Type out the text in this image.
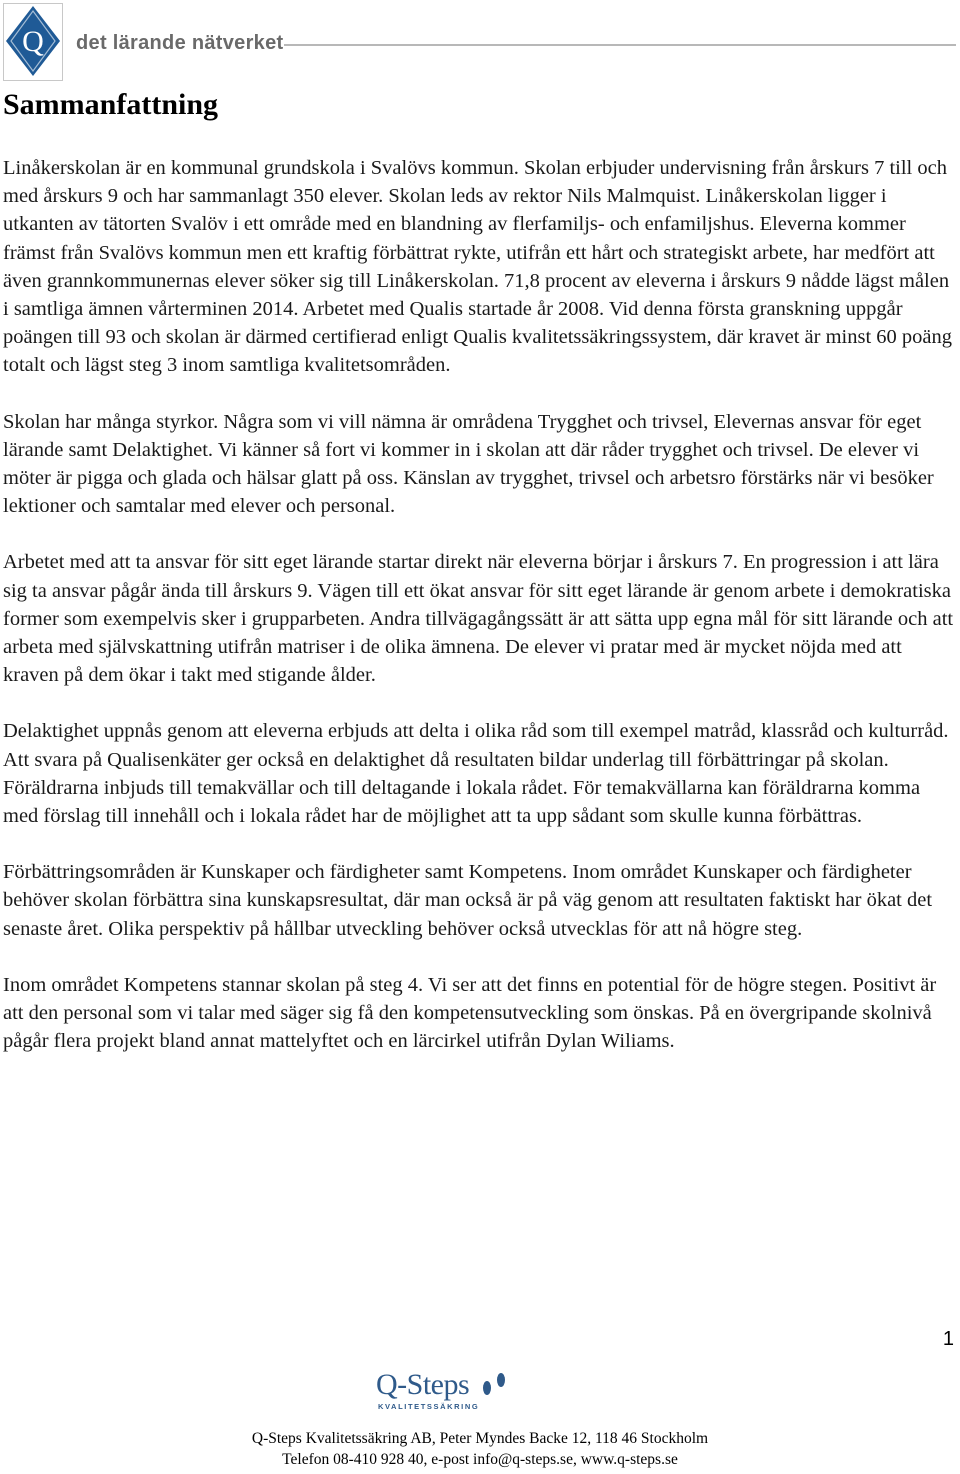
Q det lärande nätverket
Sammanfattning

Linåkerskolan är en kommunal grundskola i Svalövs kommun. Skolan erbjuder undervisning från årskurs 7 till och med årskurs 9 och har sammanlagt 350 elever. Skolan leds av rektor Nils Malmquist. Linåkerskolan ligger i utkanten av tätorten Svalöv i ett område med en blandning av flerfamiljs- och enfamiljshus. Eleverna kommer främst från Svalövs kommun men ett kraftig förbättrat rykte, utifrån ett hårt och strategiskt arbete, har medfört att även grannkommunernas elever söker sig till Linåkerskolan. 71,8 procent av eleverna i årskurs 9 nådde lägst målen i samtliga ämnen vårterminen 2014. Arbetet med Qualis startade år 2008. Vid denna första granskning uppgår poängen till 93 och skolan är därmed certifierad enligt Qualis kvalitetssäkringssystem, där kravet är minst 60 poäng totalt och lägst steg 3 inom samtliga kvalitetsområden.

Skolan har många styrkor. Några som vi vill nämna är områdena Trygghet och trivsel, Elevernas ansvar för eget lärande samt Delaktighet. Vi känner så fort vi kommer in i skolan att där råder trygghet och trivsel. De elever vi möter är pigga och glada och hälsar glatt på oss. Känslan av trygghet, trivsel och arbetsro förstärks när vi besöker lektioner och samtalar med elever och personal.

Arbetet med att ta ansvar för sitt eget lärande startar direkt när eleverna börjar i årskurs 7. En progression i att lära sig ta ansvar pågår ända till årskurs 9. Vägen till ett ökat ansvar för sitt eget lärande är genom arbete i demokratiska former som exempelvis sker i grupparbeten. Andra tillvägagångssätt är att sätta upp egna mål för sitt lärande och att arbeta med självskattning utifrån matriser i de olika ämnena. De elever vi pratar med är mycket nöjda med att kraven på dem ökar i takt med stigande ålder.

Delaktighet uppnås genom att eleverna erbjuds att delta i olika råd som till exempel matråd, klassråd och kulturråd. Att svara på Qualisenkäter ger också en delaktighet då resultaten bildar underlag till förbättringar på skolan. Föräldrarna inbjuds till temakvällar och till deltagande i lokala rådet. För temakvällarna kan föräldrarna komma med förslag till innehåll och i lokala rådet har de möjlighet att ta upp sådant som skulle kunna förbättras.

Förbättringsområden är Kunskaper och färdigheter samt Kompetens. Inom området Kunskaper och färdigheter behöver skolan förbättra sina kunskapsresultat, där man också är på väg genom att resultaten faktiskt har ökat det senaste året. Olika perspektiv på hållbar utveckling behöver också utvecklas för att nå högre steg.

Inom området Kompetens stannar skolan på steg 4. Vi ser att det finns en potential för de högre stegen. Positivt är att den personal som vi talar med säger sig få den kompetensutveckling som önskas. På en övergripande skolnivå pågår flera projekt bland annat mattelyftet och en lärcirkel utifrån Dylan Wiliams.

1
Q-Steps
KVALITETSSÄKRING
Q-Steps Kvalitetssäkring AB, Peter Myndes Backe 12, 118 46 Stockholm
Telefon 08-410 928 40, e-post info@q-steps.se, www.q-steps.se
